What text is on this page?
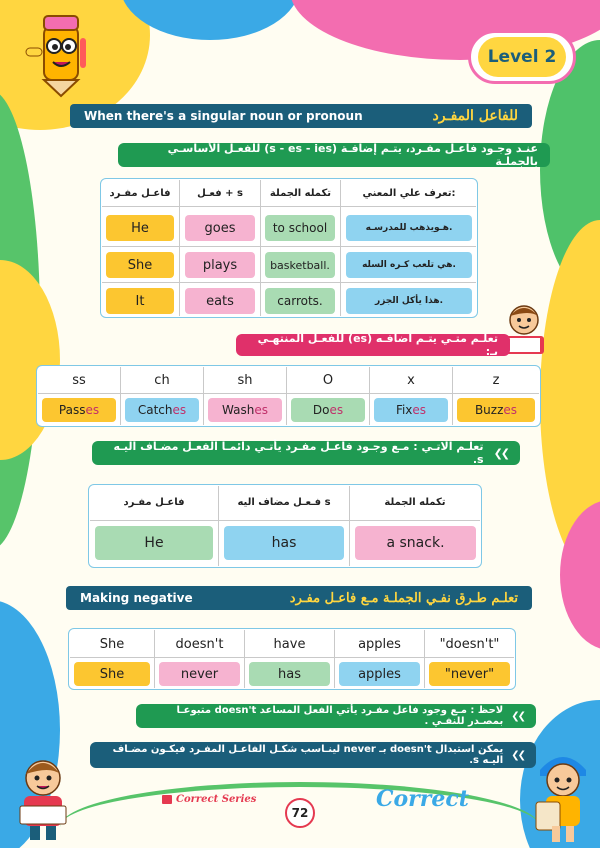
Level 2
When there's a singular noun or pronoun	للفاعل المفـرد
عنـد وجـود فاعـل مفـرد، يتـم إضافـة (s - es - ies) للفعـل الأساسـي بالجملـة
فاعـل مفـرد	فعـل + s	تكمله الجملة	تعرف علي المعني:
He	goes	to school	هـويذهب للمدرسـه.
She	plays	basketball.	هي تلعب كـره السله.
It	eats	carrots.	هذا يأكل الجزر.
تعلـم متـي يتـم اضافـه (es) للفعـل المنتهـي بـ:
ss	ch	sh	O	x	z
Pass es	Catch es	Wash es	Do es	Fix es	Buzz es
❯❯
تعلـم الاتـي : مـع وجـود فاعـل مفـرد يأتـي دائمـا الفعـل مضـاف اليـه s.
فاعـل مفـرد	فـعـل مضاف اليه s	تكمله الجملة
He	has	a snack.
Making negative	تعلـم طـرق نفـي الجملـة مـع فاعـل مفـرد
She	doesn't	have	apples	"doesn't"
She	never	has	apples	"never"
❯❯
لاحظ : مـع وجود فاعل مفـرد يأتي الفعل المساعد doesn't متبوعـا بمصـدر للنفـي .
❯❯
يمكن استبدال doesn't بـ never لينـاسب شكـل الفاعـل المفـرد فيكـون مضـاف اليـه s.
Correct Series
72
Correct
